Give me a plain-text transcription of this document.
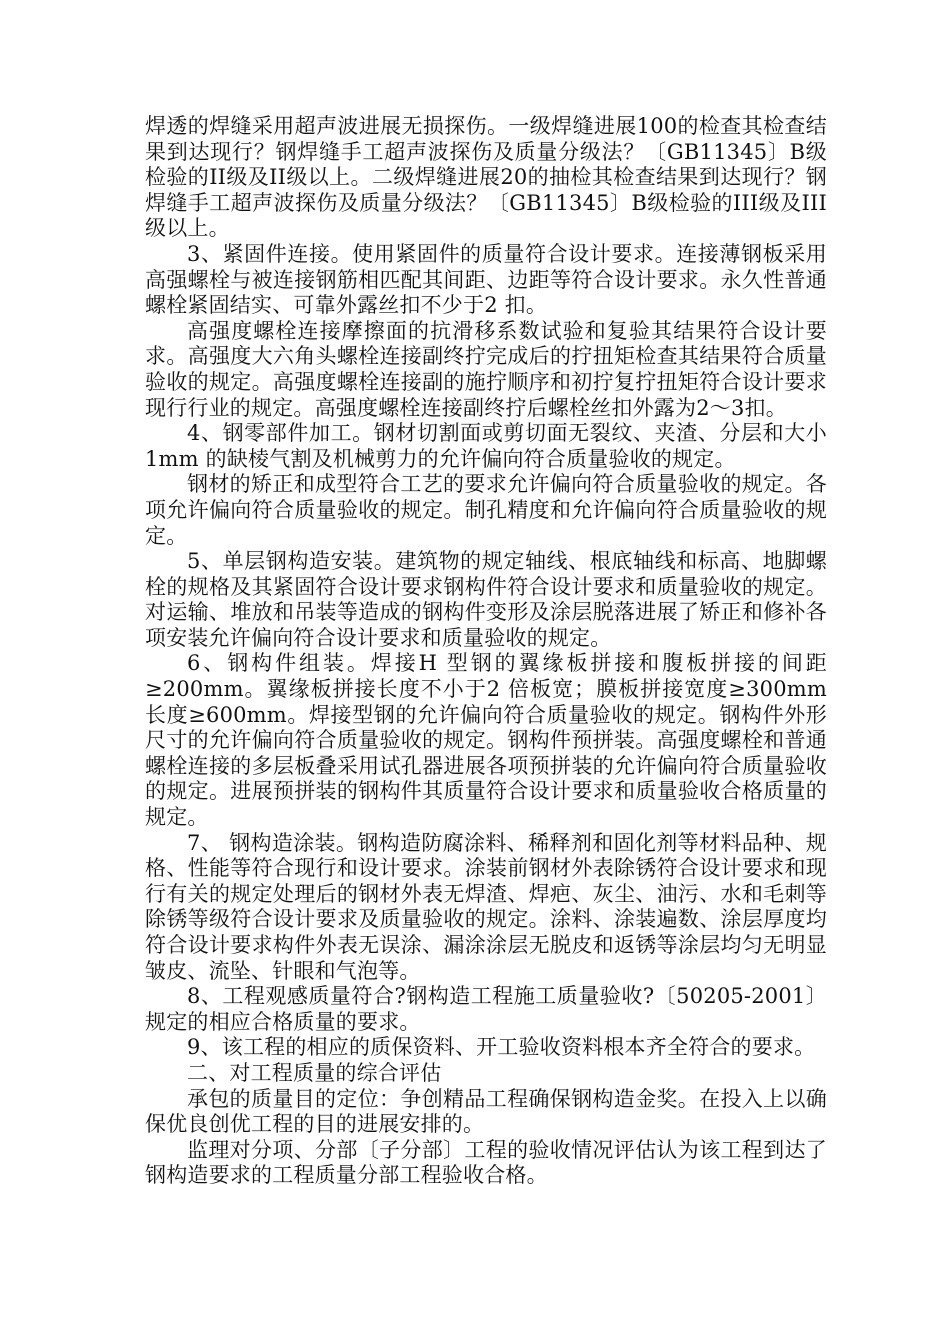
焊透的焊缝采用超声波进展无损探伤。一级焊缝进展100的检查其检查结果到达现行？钢焊缝手工超声波探伤及质量分级法？〔GB11345〕B级检验的II级及II级以上。二级焊缝进展20的抽检其检查结果到达现行？钢焊缝手工超声波探伤及质量分级法？〔GB11345〕B级检验的III级及III级以上。

3、紧固件连接。使用紧固件的质量符合设计要求。连接薄钢板采用高强螺栓与被连接钢筋相匹配其间距、边距等符合设计要求。永久性普通螺栓紧固结实、可靠外露丝扣不少于2 扣。

高强度螺栓连接摩擦面的抗滑移系数试验和复验其结果符合设计要求。高强度大六角头螺栓连接副终拧完成后的拧扭矩检查其结果符合质量验收的规定。高强度螺栓连接副的施拧顺序和初拧复拧扭矩符合设计要求现行行业的规定。高强度螺栓连接副终拧后螺栓丝扣外露为2～3扣。

4、钢零部件加工。钢材切割面或剪切面无裂纹、夹渣、分层和大小1mm 的缺棱气割及机械剪力的允许偏向符合质量验收的规定。

钢材的矫正和成型符合工艺的要求允许偏向符合质量验收的规定。各项允许偏向符合质量验收的规定。制孔精度和允许偏向符合质量验收的规定。

5、单层钢构造安装。建筑物的规定轴线、根底轴线和标高、地脚螺栓的规格及其紧固符合设计要求钢构件符合设计要求和质量验收的规定。对运输、堆放和吊装等造成的钢构件变形及涂层脱落进展了矫正和修补各项安装允许偏向符合设计要求和质量验收的规定。

6、钢构件组装。焊接H 型钢的翼缘板拼接和腹板拼接的间距≥200mm。翼缘板拼接长度不小于2 倍板宽；膜板拼接宽度≥300mm长度≥600mm。焊接型钢的允许偏向符合质量验收的规定。钢构件外形尺寸的允许偏向符合质量验收的规定。钢构件预拼装。高强度螺栓和普通螺栓连接的多层板叠采用试孔器进展各项预拼装的允许偏向符合质量验收的规定。进展预拼装的钢构件其质量符合设计要求和质量验收合格质量的规定。

7、 钢构造涂装。钢构造防腐涂料、稀释剂和固化剂等材料品种、规格、性能等符合现行和设计要求。涂装前钢材外表除锈符合设计要求和现行有关的规定处理后的钢材外表无焊渣、焊疤、灰尘、油污、水和毛刺等除锈等级符合设计要求及质量验收的规定。涂料、涂装遍数、涂层厚度均符合设计要求构件外表无误涂、漏涂涂层无脱皮和返锈等涂层均匀无明显皱皮、流坠、针眼和气泡等。

8、工程观感质量符合?钢构造工程施工质量验收?〔50205-2001〕规定的相应合格质量的要求。

9、该工程的相应的质保资料、开工验收资料根本齐全符合的要求。

二、对工程质量的综合评估

承包的质量目的定位：争创精品工程确保钢构造金奖。在投入上以确保优良创优工程的目的进展安排的。

监理对分项、分部〔子分部〕工程的验收情况评估认为该工程到达了钢构造要求的工程质量分部工程验收合格。
